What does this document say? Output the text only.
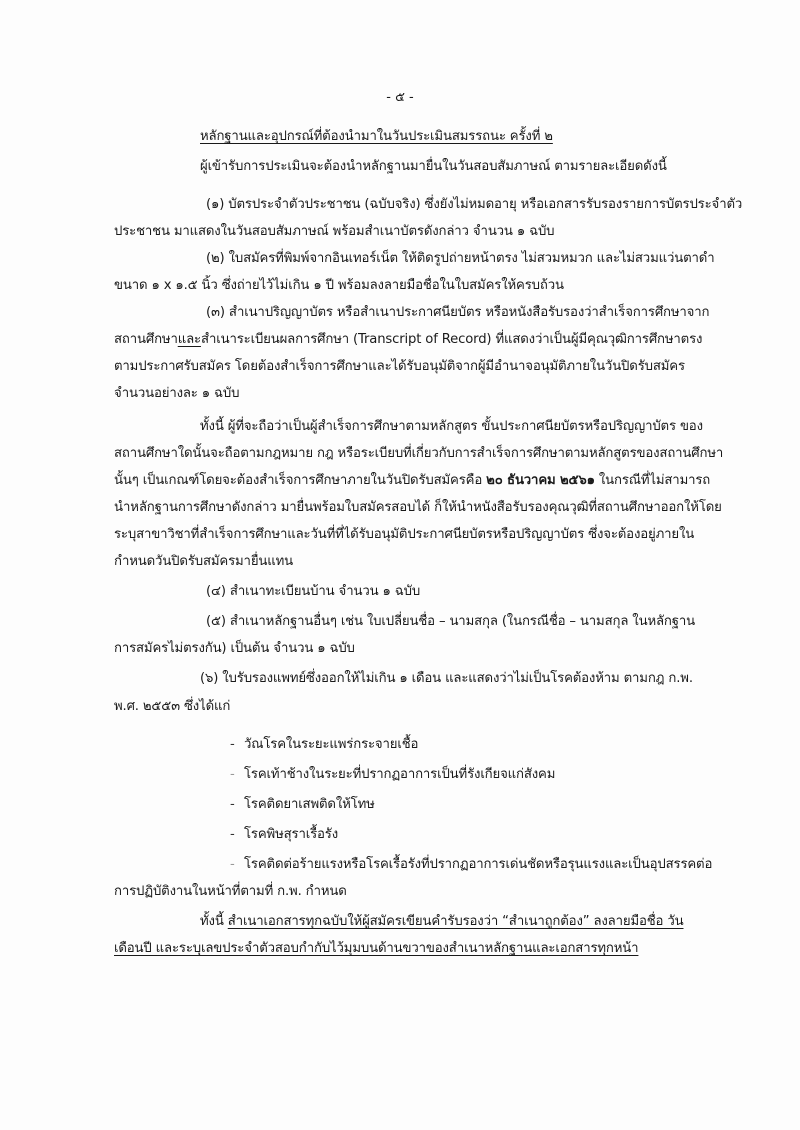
- ๕ -
หลักฐานและอุปกรณ์ที่ต้องนำมาในวันประเมินสมรรถนะ ครั้งที่ ๒
ผู้เข้ารับการประเมินจะต้องนำหลักฐานมายื่นในวันสอบสัมภาษณ์ ตามรายละเอียดดังนี้
(๑) บัตรประจำตัวประชาชน (ฉบับจริง) ซึ่งยังไม่หมดอายุ หรือเอกสารรับรองรายการบัตรประจำตัว
ประชาชน มาแสดงในวันสอบสัมภาษณ์ พร้อมสำเนาบัตรดังกล่าว จำนวน ๑ ฉบับ
(๒) ใบสมัครที่พิมพ์จากอินเทอร์เน็ต ให้ติดรูปถ่ายหน้าตรง ไม่สวมหมวก และไม่สวมแว่นตาดำ
ขนาด ๑ x ๑.๕ นิ้ว ซึ่งถ่ายไว้ไม่เกิน ๑ ปี พร้อมลงลายมือชื่อในใบสมัครให้ครบถ้วน
(๓) สำเนาปริญญาบัตร หรือสำเนาประกาศนียบัตร หรือหนังสือรับรองว่าสำเร็จการศึกษาจาก
สถานศึกษาและสำเนาระเบียนผลการศึกษา (Transcript of Record) ที่แสดงว่าเป็นผู้มีคุณวุฒิการศึกษาตรง
ตามประกาศรับสมัคร โดยต้องสำเร็จการศึกษาและได้รับอนุมัติจากผู้มีอำนาจอนุมัติภายในวันปิดรับสมัคร
จำนวนอย่างละ ๑ ฉบับ
ทั้งนี้ ผู้ที่จะถือว่าเป็นผู้สำเร็จการศึกษาตามหลักสูตร ขั้นประกาศนียบัตรหรือปริญญาบัตร ของ
สถานศึกษาใดนั้นจะถือตามกฎหมาย กฎ หรือระเบียบที่เกี่ยวกับการสำเร็จการศึกษาตามหลักสูตรของสถานศึกษา
นั้นๆ เป็นเกณฑ์โดยจะต้องสำเร็จการศึกษาภายในวันปิดรับสมัครคือ ๒๐ ธันวาคม ๒๕๖๑ ในกรณีที่ไม่สามารถ
นำหลักฐานการศึกษาดังกล่าว มายื่นพร้อมใบสมัครสอบได้ ก็ให้นำหนังสือรับรองคุณวุฒิที่สถานศึกษาออกให้โดย
ระบุสาขาวิชาที่สำเร็จการศึกษาและวันที่ที่ได้รับอนุมัติประกาศนียบัตรหรือปริญญาบัตร ซึ่งจะต้องอยู่ภายใน
กำหนดวันปิดรับสมัครมายื่นแทน
(๔) สำเนาทะเบียนบ้าน จำนวน ๑ ฉบับ
(๕) สำเนาหลักฐานอื่นๆ เช่น ใบเปลี่ยนชื่อ – นามสกุล (ในกรณีชื่อ – นามสกุล ในหลักฐาน
การสมัครไม่ตรงกัน) เป็นต้น จำนวน ๑ ฉบับ
(๖) ใบรับรองแพทย์ซึ่งออกให้ไม่เกิน ๑ เดือน และแสดงว่าไม่เป็นโรคต้องห้าม ตามกฎ ก.พ.
พ.ศ. ๒๕๕๓ ซึ่งได้แก่
- วัณโรคในระยะแพร่กระจายเชื้อ
- โรคเท้าช้างในระยะที่ปรากฏอาการเป็นที่รังเกียจแก่สังคม
- โรคติดยาเสพติดให้โทษ
- โรคพิษสุราเรื้อรัง
- โรคติดต่อร้ายแรงหรือโรคเรื้อรังที่ปรากฏอาการเด่นชัดหรือรุนแรงและเป็นอุปสรรคต่อ
การปฏิบัติงานในหน้าที่ตามที่ ก.พ. กำหนด
ทั้งนี้ สำเนาเอกสารทุกฉบับให้ผู้สมัครเขียนคำรับรองว่า “สำเนาถูกต้อง” ลงลายมือชื่อ วัน
เดือนปี และระบุเลขประจำตัวสอบกำกับไว้มุมบนด้านขวาของสำเนาหลักฐานและเอกสารทุกหน้า
